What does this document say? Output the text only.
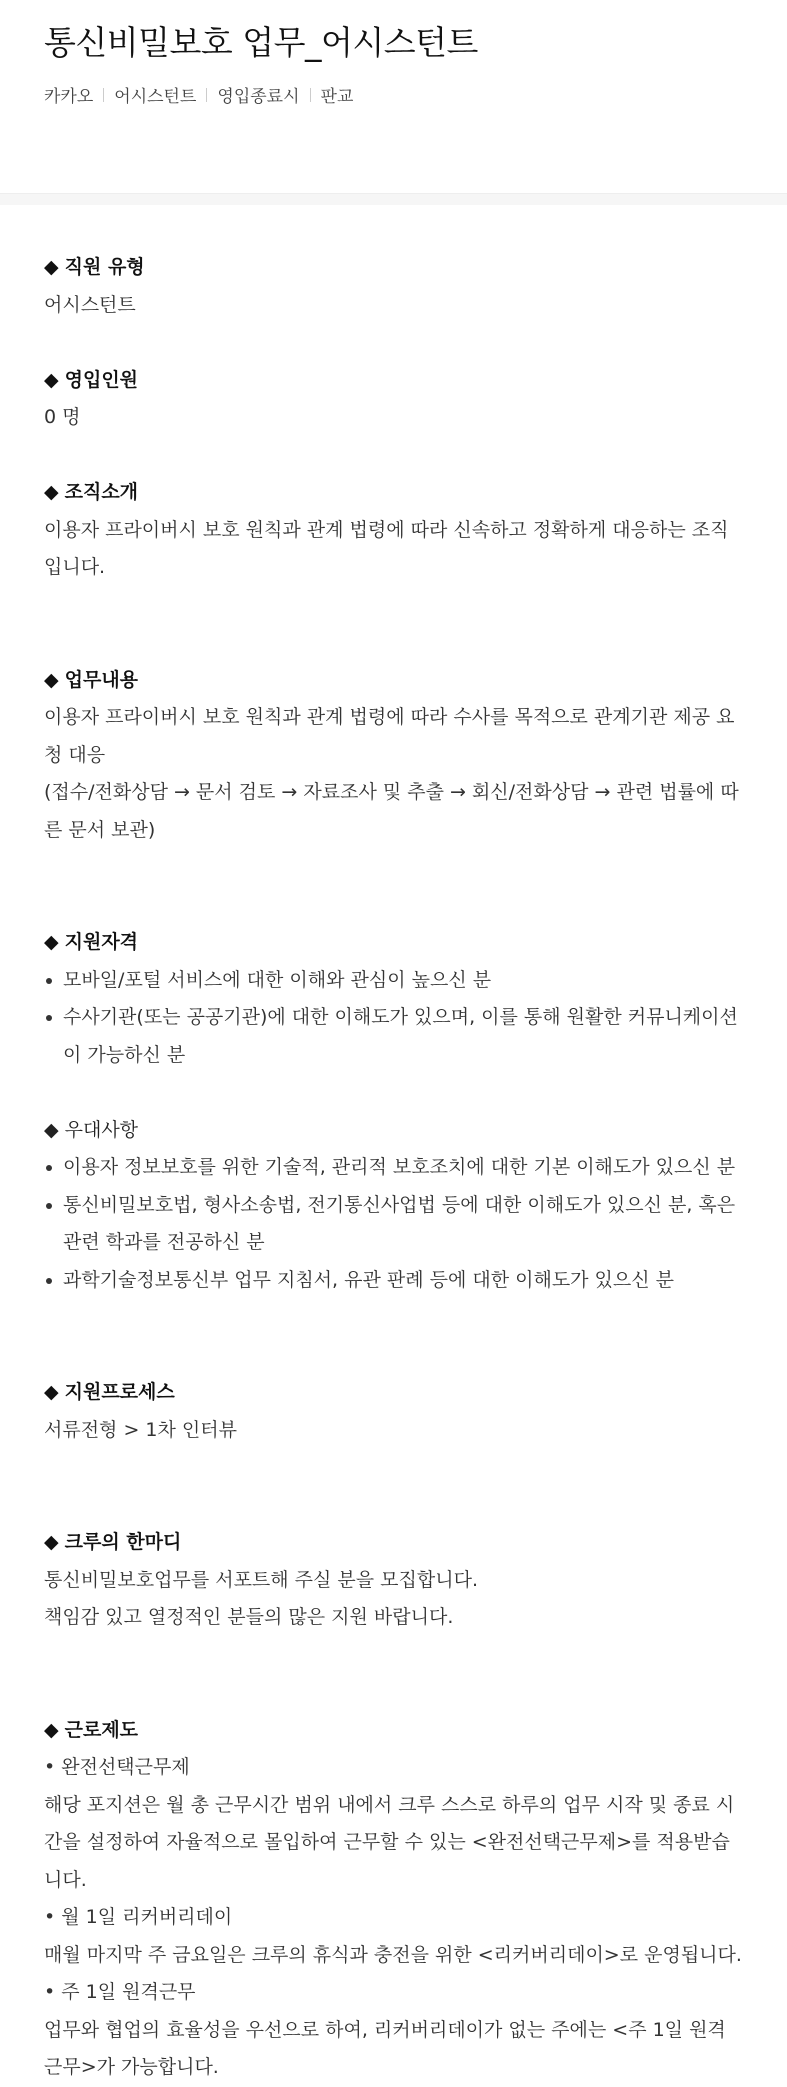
통신비밀보호 업무_어시스턴트
카카오 어시스턴트 영입종료시 판교

◆ 직원 유형

어시스턴트

◆ 영입인원

0 명

◆ 조직소개

이용자 프라이버시 보호 원칙과 관계 법령에 따라 신속하고 정확하게 대응하는 조직입니다.

◆ 업무내용

이용자 프라이버시 보호 원칙과 관계 법령에 따라 수사를 목적으로 관계기관 제공 요청 대응

(접수/전화상담 → 문서 검토 → 자료조사 및 추출 → 회신/전화상담 → 관련 법률에 따른 문서 보관)

◆ 지원자격

모바일/포털 서비스에 대한 이해와 관심이 높으신 분
수사기관(또는 공공기관)에 대한 이해도가 있으며, 이를 통해 원활한 커뮤니케이션이 가능하신 분

◆ 우대사항

이용자 정보보호를 위한 기술적, 관리적 보호조치에 대한 기본 이해도가 있으신 분
통신비밀보호법, 형사소송법, 전기통신사업법 등에 대한 이해도가 있으신 분, 혹은 관련 학과를 전공하신 분
과학기술정보통신부 업무 지침서, 유관 판례 등에 대한 이해도가 있으신 분

◆ 지원프로세스

서류전형 > 1차 인터뷰

◆ 크루의 한마디

통신비밀보호업무를 서포트해 주실 분을 모집합니다.

책임감 있고 열정적인 분들의 많은 지원 바랍니다.

◆ 근로제도

• 완전선택근무제

해당 포지션은 월 총 근무시간 범위 내에서 크루 스스로 하루의 업무 시작 및 종료 시간을 설정하여 자율적으로 몰입하여 근무할 수 있는 <완전선택근무제>를 적용받습니다.

• 월 1일 리커버리데이

매월 마지막 주 금요일은 크루의 휴식과 충전을 위한 <리커버리데이>로 운영됩니다.

• 주 1일 원격근무

업무와 협업의 효율성을 우선으로 하여, 리커버리데이가 없는 주에는 <주 1일 원격근무>가 가능합니다.
